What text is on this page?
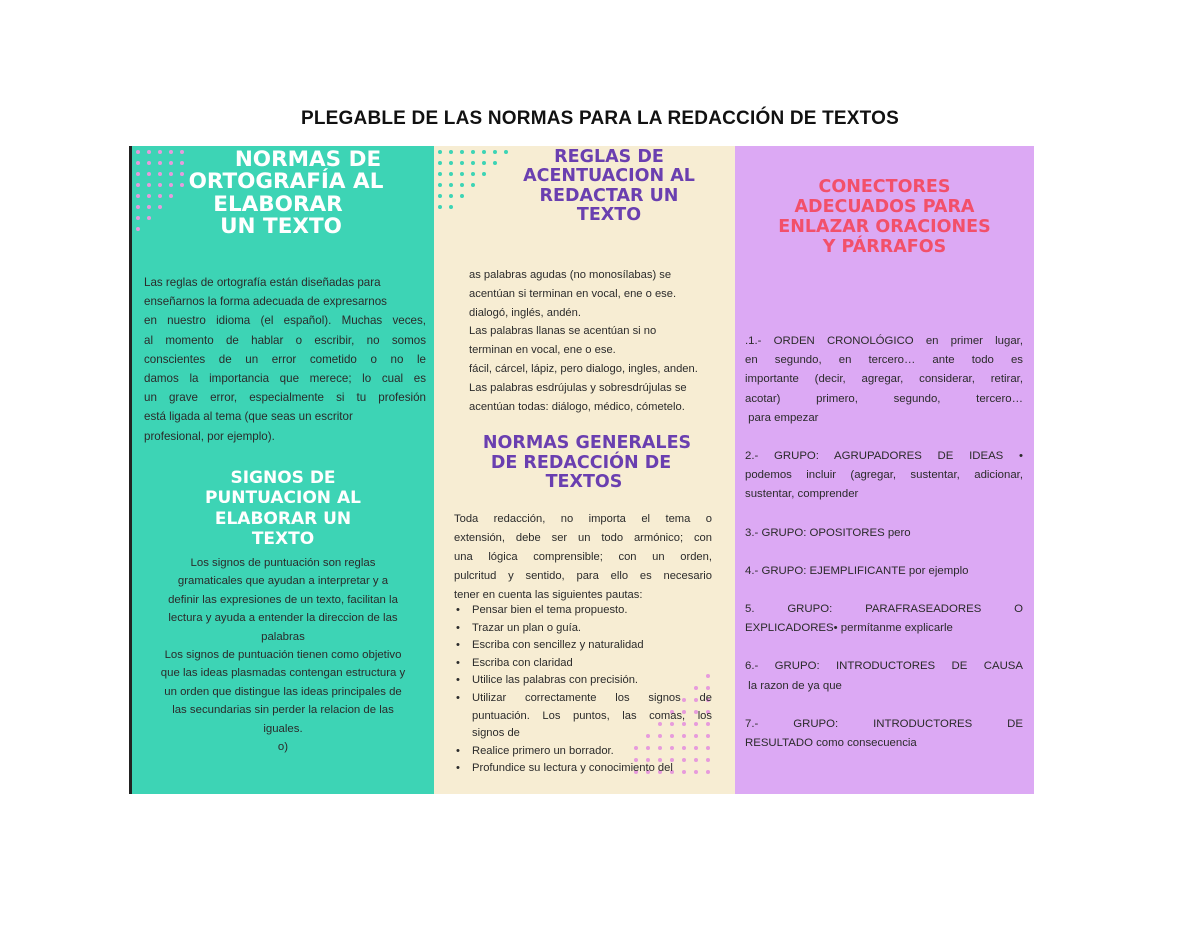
PLEGABLE DE LAS NORMAS PARA LA REDACCIÓN DE TEXTOS
NORMAS DE
ORTOGRAFÍA AL
ELABORAR
UN TEXTO
Las reglas de ortografía están diseñadas para
enseñarnos la forma adecuada de expresarnos
en nuestro idioma (el español). Muchas veces,
al momento de hablar o escribir, no somos
conscientes de un error cometido o no le
damos la importancia que merece; lo cual es
un grave error, especialmente si tu profesión
está ligada al tema (que seas un escritor
profesional, por ejemplo).
SIGNOS DE
PUNTUACION AL
ELABORAR UN
TEXTO
Los signos de puntuación son reglas
gramaticales que ayudan a interpretar y a
definir las expresiones de un texto, facilitan la
lectura y ayuda a entender la direccion de las
palabras
Los signos de puntuación tienen como objetivo
que las ideas plasmadas contengan estructura y
un orden que distingue las ideas principales de
las secundarias sin perder la relacion de las
iguales.
o)
REGLAS DE
ACENTUACION AL
REDACTAR UN
TEXTO
as palabras agudas (no monosílabas) se
acentúan si terminan en vocal, ene o ese.
dialogó, inglés, andén.
Las palabras llanas se acentúan si no
terminan en vocal, ene o ese.
fácil, cárcel, lápiz, pero dialogo, ingles, anden.
Las palabras esdrújulas y sobresdrújulas se
acentúan todas: diálogo, médico, cómetelo.
NORMAS GENERALES
DE REDACCIÓN DE
TEXTOS
Toda redacción, no importa el tema o
extensión, debe ser un todo armónico; con
una lógica comprensible; con un orden,
pulcritud y sentido, para ello es necesario
tener en cuenta las siguientes pautas:
• Pensar bien el tema propuesto.
• Trazar un plan o guía.
• Escriba con sencillez y naturalidad
• Escriba con claridad
• Utilice las palabras con precisión.
• Utilizar correctamente los signos de
puntuación. Los puntos, las comas, los
signos de
• Realice primero un borrador.
• Profundice su lectura y conocimiento del
CONECTORES
ADECUADOS PARA
ENLAZAR ORACIONES
Y PÁRRAFOS
.1.- ORDEN CRONOLÓGICO en primer lugar,
en segundo, en tercero… ante todo es
importante (decir, agregar, considerar, retirar,
acotar) primero, segundo, tercero…
para empezar
2.- GRUPO: AGRUPADORES DE IDEAS •
podemos incluir (agregar, sustentar, adicionar,
sustentar, comprender
3.- GRUPO: OPOSITORES pero
4.- GRUPO: EJEMPLIFICANTE por ejemplo
5.    GRUPO:    PARAFRASEADORES    O
EXPLICADORES• permítanme explicarle
6.- GRUPO: INTRODUCTORES DE CAUSA
la razon de ya que
7.-    GRUPO:    INTRODUCTORES    DE
RESULTADO como consecuencia
